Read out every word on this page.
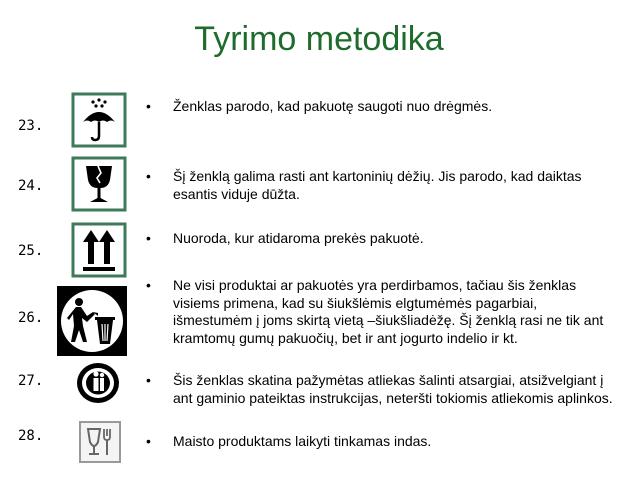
Tyrimo metodika
23.
24.
25.
26.
27.
28.
• Ženklas parodo, kad pakuotę saugoti nuo drėgmės.
• Šį ženklą galima rasti ant kartoninių dėžių. Jis parodo, kad daiktas esantis viduje dūžta.
• Nuoroda, kur atidaroma prekės pakuotė.
• Ne visi produktai ar pakuotės yra perdirbamos, tačiau šis ženklas visiems primena, kad su šiukšlėmis elgtumėmės pagarbiai, išmestumėm į joms skirtą vietą –šiukšliadėžę. Šį ženklą rasi ne tik ant kramtomų gumų pakuočių, bet ir ant jogurto indelio ir kt.
• Šis ženklas skatina pažymėtas atliekas šalinti atsargiai, atsižvelgiant į ant gaminio pateiktas instrukcijas, neteršti tokiomis atliekomis aplinkos.
• Maisto produktams laikyti tinkamas indas.
